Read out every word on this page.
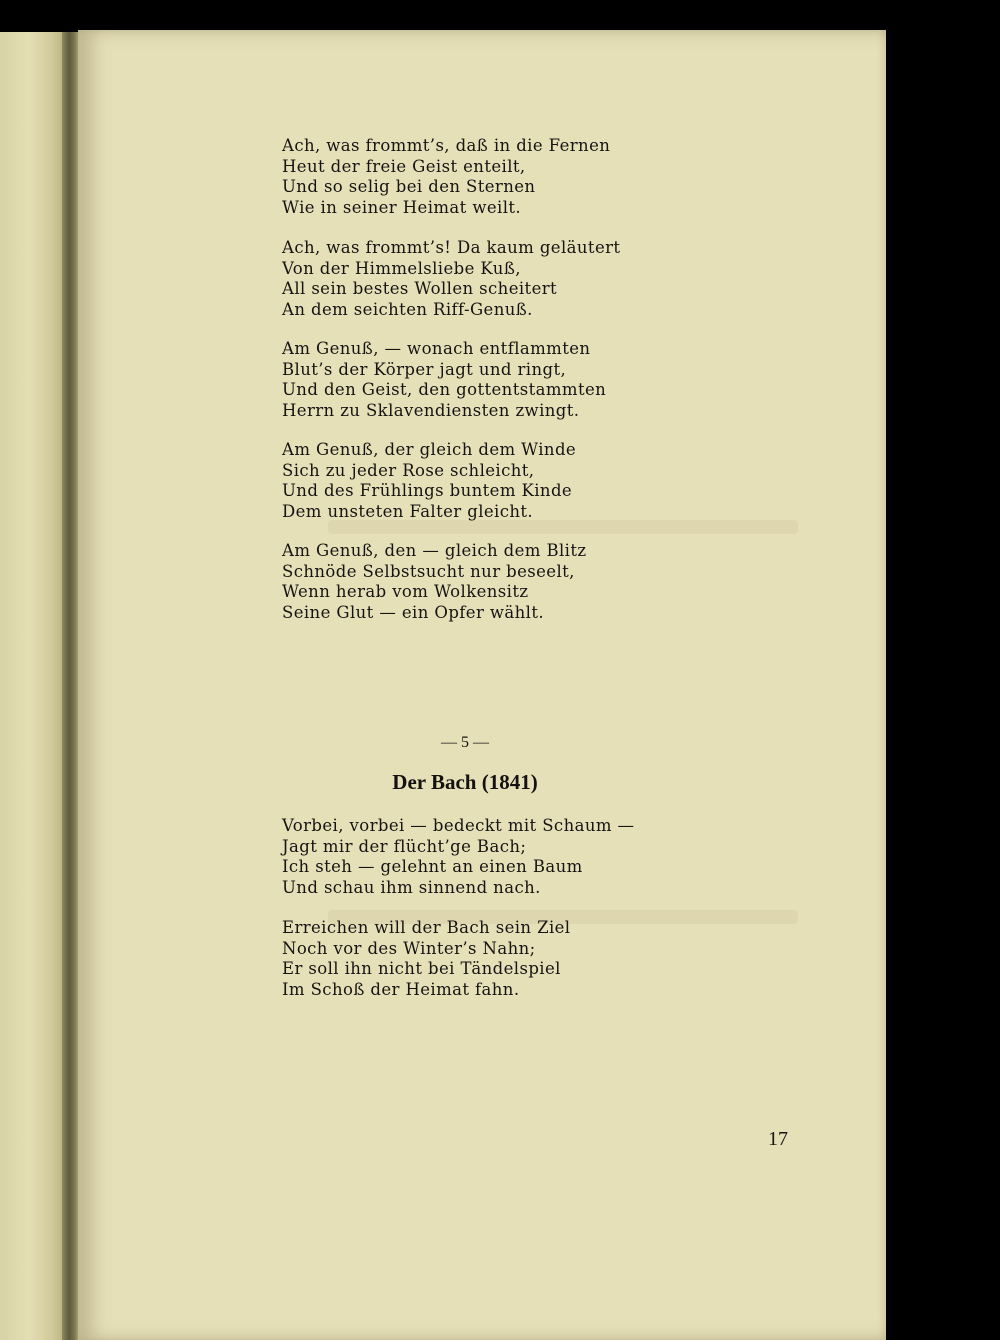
Ach, was frommt’s, daß in die Fernen
Heut der freie Geist enteilt,
Und so selig bei den Sternen
Wie in seiner Heimat weilt.
Ach, was frommt’s! Da kaum geläutert
Von der Himmelsliebe Kuß,
All sein bestes Wollen scheitert
An dem seichten Riff-Genuß.
Am Genuß, — wonach entflammten
Blut’s der Körper jagt und ringt,
Und den Geist, den gottentstammten
Herrn zu Sklavendiensten zwingt.
Am Genuß, der gleich dem Winde
Sich zu jeder Rose schleicht,
Und des Frühlings buntem Kinde
Dem unsteten Falter gleicht.
Am Genuß, den — gleich dem Blitz
Schnöde Selbstsucht nur beseelt,
Wenn herab vom Wolkensitz
Seine Glut — ein Opfer wählt.
— 5 —
Der Bach (1841)
Vorbei, vorbei — bedeckt mit Schaum —
Jagt mir der flücht’ge Bach;
Ich steh — gelehnt an einen Baum
Und schau ihm sinnend nach.
Erreichen will der Bach sein Ziel
Noch vor des Winter’s Nahn;
Er soll ihn nicht bei Tändelspiel
Im Schoß der Heimat fahn.
17
